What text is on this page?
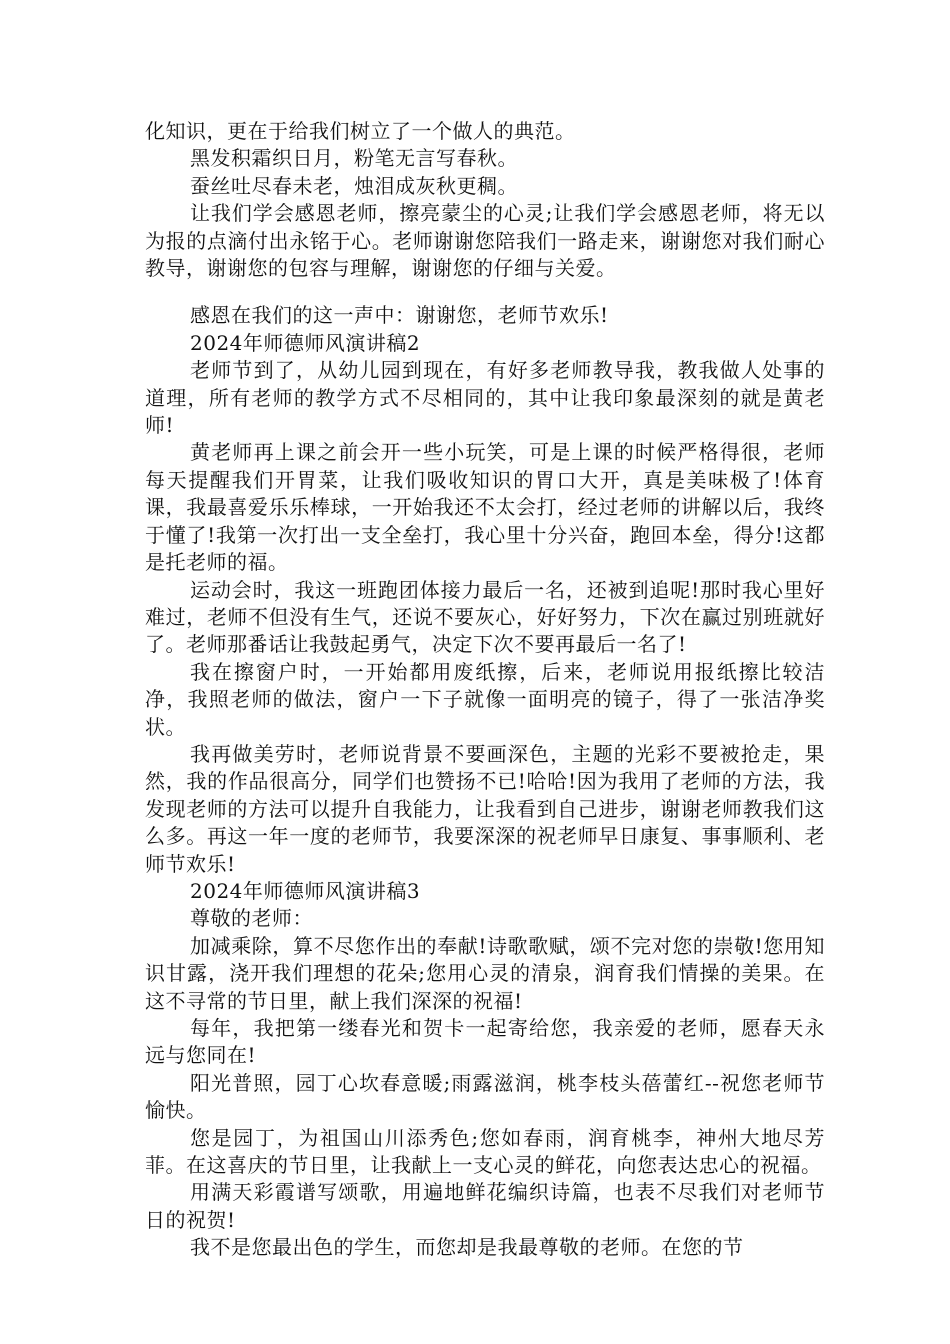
化知识，更在于给我们树立了一个做人的典范。

黑发积霜织日月，粉笔无言写春秋。

蚕丝吐尽春未老，烛泪成灰秋更稠。

让我们学会感恩老师，擦亮蒙尘的心灵;让我们学会感恩老师，将无以为报的点滴付出永铭于心。老师谢谢您陪我们一路走来，谢谢您对我们耐心教导，谢谢您的包容与理解，谢谢您的仔细与关爱。

感恩在我们的这一声中：谢谢您，老师节欢乐!

2024年师德师风演讲稿2

老师节到了，从幼儿园到现在，有好多老师教导我，教我做人处事的道理，所有老师的教学方式不尽相同的，其中让我印象最深刻的就是黄老师!

黄老师再上课之前会开一些小玩笑，可是上课的时候严格得很，老师每天提醒我们开胃菜，让我们吸收知识的胃口大开，真是美味极了!体育课，我最喜爱乐乐棒球，一开始我还不太会打，经过老师的讲解以后，我终于懂了!我第一次打出一支全垒打，我心里十分兴奋，跑回本垒，得分!这都是托老师的福。

运动会时，我这一班跑团体接力最后一名，还被到追呢!那时我心里好难过，老师不但没有生气，还说不要灰心，好好努力，下次在赢过别班就好了。老师那番话让我鼓起勇气，决定下次不要再最后一名了!

我在擦窗户时，一开始都用废纸擦，后来，老师说用报纸擦比较洁净，我照老师的做法，窗户一下子就像一面明亮的镜子，得了一张洁净奖状。

我再做美劳时，老师说背景不要画深色，主题的光彩不要被抢走，果然，我的作品很高分，同学们也赞扬不已!哈哈!因为我用了老师的方法，我发现老师的方法可以提升自我能力，让我看到自己进步，谢谢老师教我们这么多。再这一年一度的老师节，我要深深的祝老师早日康复、事事顺利、老师节欢乐!

2024年师德师风演讲稿3

尊敬的老师：

加减乘除，算不尽您作出的奉献!诗歌歌赋，颂不完对您的崇敬!您用知识甘露，浇开我们理想的花朵;您用心灵的清泉，润育我们情操的美果。在这不寻常的节日里，献上我们深深的祝福!

每年，我把第一缕春光和贺卡一起寄给您，我亲爱的老师，愿春天永远与您同在!

阳光普照，园丁心坎春意暖;雨露滋润，桃李枝头蓓蕾红--祝您老师节愉快。

您是园丁，为祖国山川添秀色;您如春雨，润育桃李，神州大地尽芳菲。在这喜庆的节日里，让我献上一支心灵的鲜花，向您表达忠心的祝福。

用满天彩霞谱写颂歌，用遍地鲜花编织诗篇，也表不尽我们对老师节日的祝贺!

我不是您最出色的学生，而您却是我最尊敬的老师。在您的节
